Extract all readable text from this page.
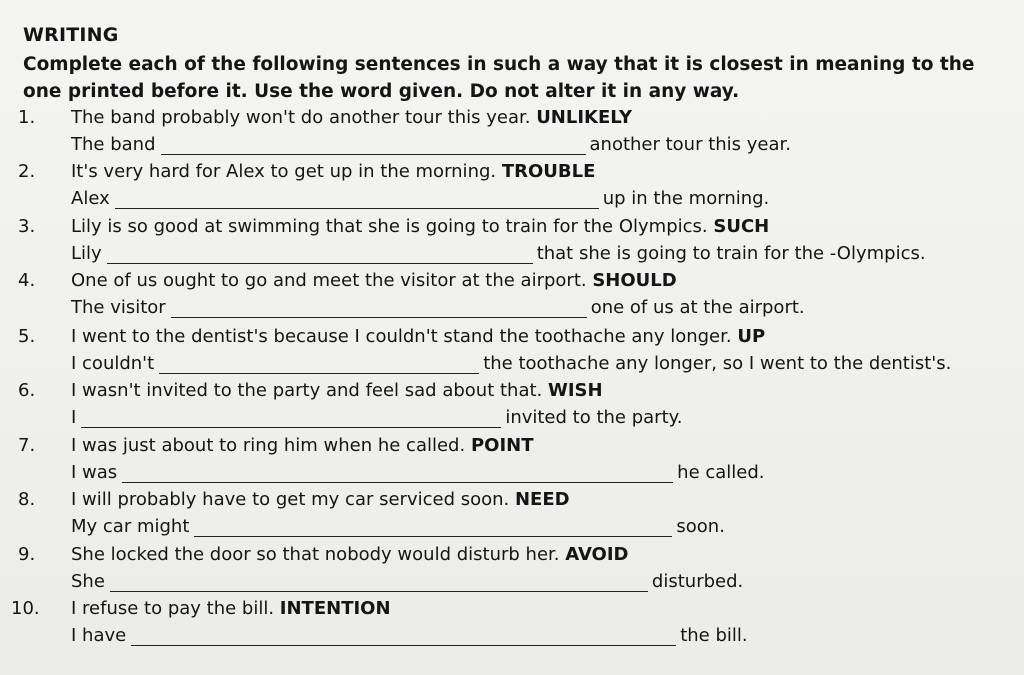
WRITING
Complete each of the following sentences in such a way that it is closest in meaning to the one printed before it. Use the word given. Do not alter it in any way.
1.	The band probably won't do another tour this year. UNLIKELY
The band	another tour this year.
2.	It's very hard for Alex to get up in the morning. TROUBLE
Alex	up in the morning.
3.	Lily is so good at swimming that she is going to train for the Olympics. SUCH
Lily	that she is going to train for the -Olympics.
4.	One of us ought to go and meet the visitor at the airport. SHOULD
The visitor	one of us at the airport.
5.	I went to the dentist's because I couldn't stand the toothache any longer. UP
I couldn't	the toothache any longer, so I went to the dentist's.
6.	I wasn't invited to the party and feel sad about that. WISH
I	invited to the party.
7.	I was just about to ring him when he called. POINT
I was	he called.
8.	I will probably have to get my car serviced soon. NEED
My car might	soon.
9.	She locked the door so that nobody would disturb her. AVOID
She	disturbed.
10.	I refuse to pay the bill. INTENTION
I have	the bill.
